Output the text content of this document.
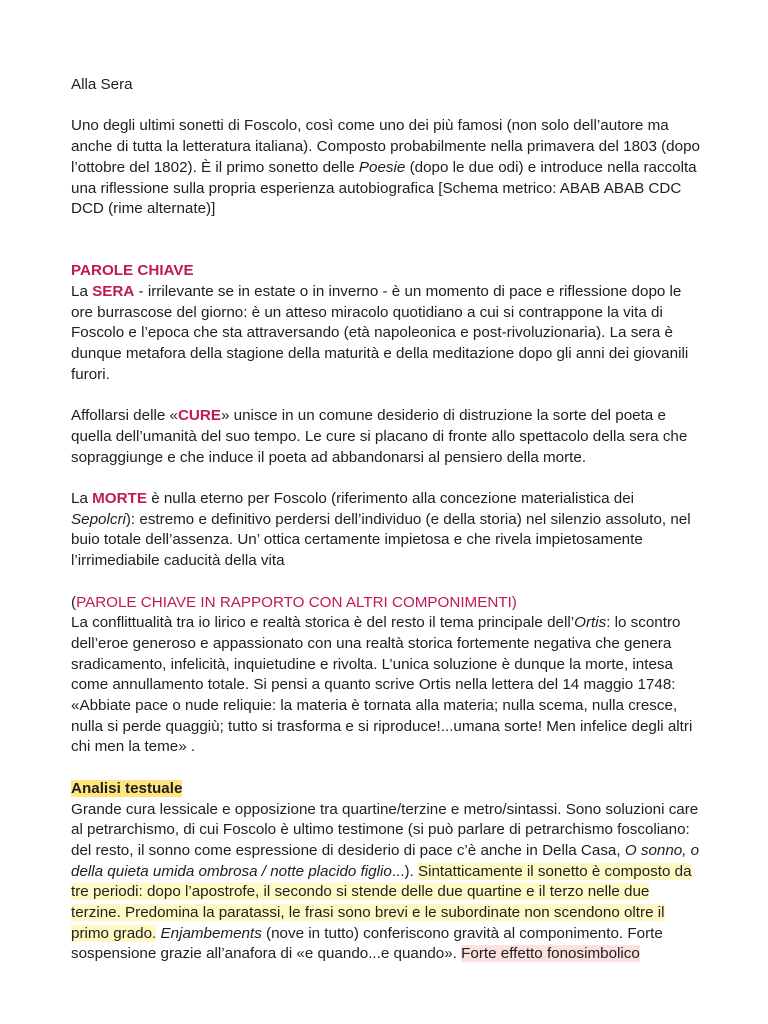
Alla Sera

Uno degli ultimi sonetti di Foscolo, così come uno dei più famosi (non solo dell’autore ma anche di tutta la letteratura italiana). Composto probabilmente nella primavera del 1803 (dopo l’ottobre del 1802). È il primo sonetto delle Poesie (dopo le due odi) e introduce nella raccolta una riflessione sulla propria esperienza autobiografica [Schema metrico: ABAB ABAB CDC DCD (rime alternate)]

PAROLE CHIAVE

La SERA - irrilevante se in estate o in inverno - è un momento di pace e riflessione dopo le ore burrascose del giorno: è un atteso miracolo quotidiano a cui si contrappone la vita di Foscolo e l’epoca che sta attraversando (età napoleonica e post-rivoluzionaria). La sera è dunque metafora della stagione della maturità e della meditazione dopo gli anni dei giovanili furori.

Affollarsi delle «CURE» unisce in un comune desiderio di distruzione la sorte del poeta e quella dell’umanità del suo tempo. Le cure si placano di fronte allo spettacolo della sera che sopraggiunge e che induce il poeta ad abbandonarsi al pensiero della morte.

La MORTE è nulla eterno per Foscolo (riferimento alla concezione materialistica dei Sepolcri): estremo e definitivo perdersi dell’individuo (e della storia) nel silenzio assoluto, nel buio totale dell’assenza. Un’ ottica certamente impietosa e che rivela impietosamente l’irrimediabile caducità della vita

(PAROLE CHIAVE IN RAPPORTO CON ALTRI COMPONIMENTI)

La conflittualità tra io lirico e realtà storica è del resto il tema principale dell’Ortis: lo scontro dell’eroe generoso e appassionato con una realtà storica fortemente negativa che genera sradicamento, infelicità, inquietudine e rivolta. L’unica soluzione è dunque la morte, intesa come annullamento totale. Si pensi a quanto scrive Ortis nella lettera del 14 maggio 1748: «Abbiate pace o nude reliquie: la materia è tornata alla materia; nulla scema, nulla cresce, nulla si perde quaggiù; tutto si trasforma e si riproduce!...umana sorte! Men infelice degli altri chi men la teme» .

Analisi testuale

Grande cura lessicale e opposizione tra quartine/terzine e metro/sintassi. Sono soluzioni care al petrarchismo, di cui Foscolo è ultimo testimone (si può parlare di petrarchismo foscoliano: del resto, il sonno come espressione di desiderio di pace c’è anche in Della Casa, O sonno, o della quieta umida ombrosa / notte placido figlio...). Sintatticamente il sonetto è composto da tre periodi: dopo l’apostrofe, il secondo si stende delle due quartine e il terzo nelle due terzine. Predomina la paratassi, le frasi sono brevi e le subordinate non scendono oltre il primo grado. Enjambements (nove in tutto) conferiscono gravità al componimento. Forte sospensione grazie all’anafora di «e quando...e quando». Forte effetto fonosimbolico
